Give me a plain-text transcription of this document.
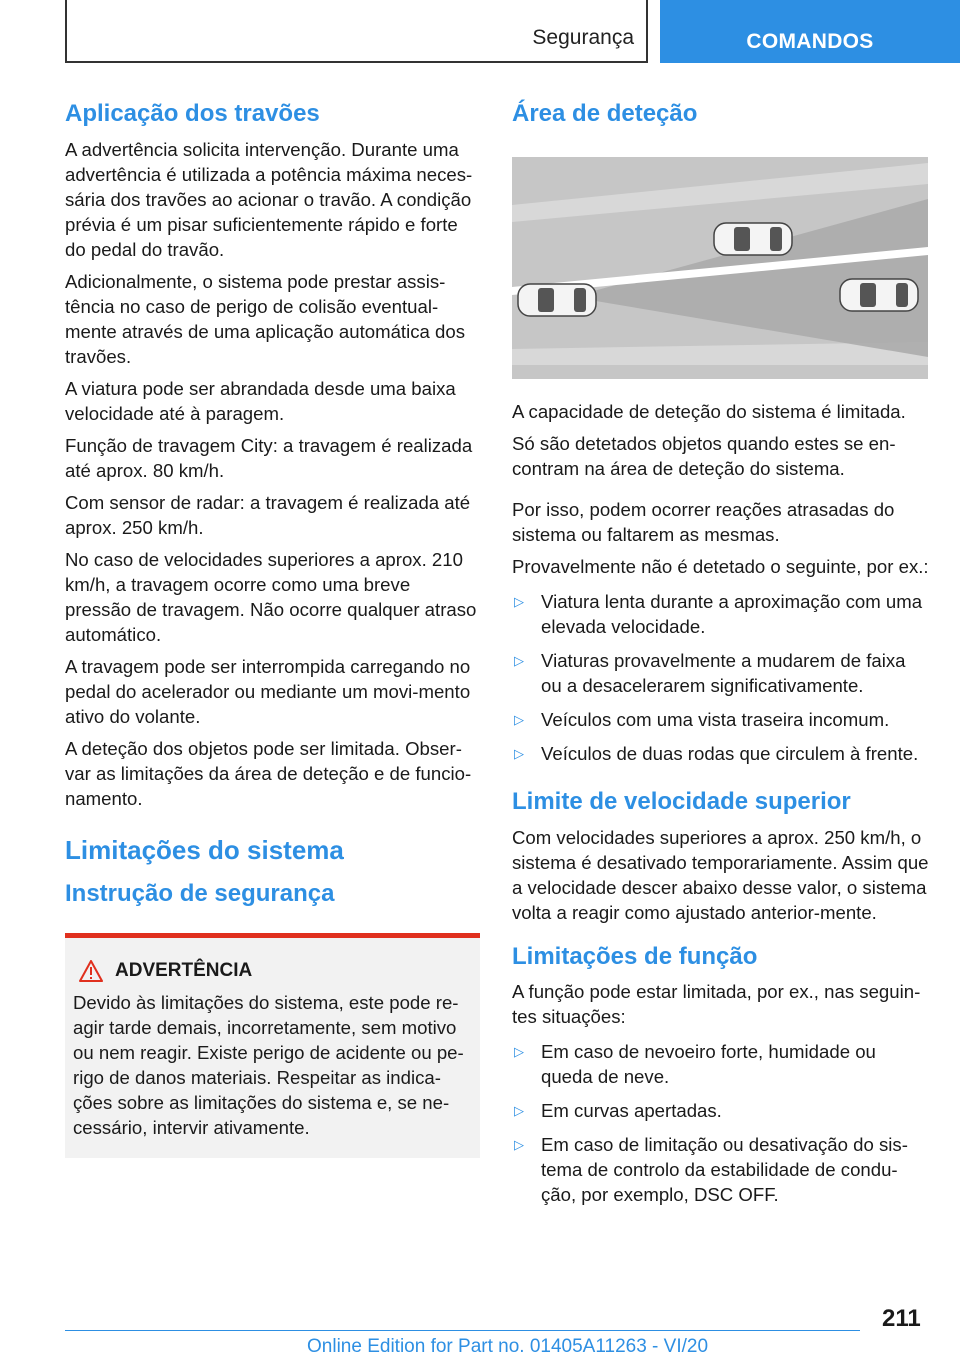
Segurança	COMANDOS
Aplicação dos travões

A advertência solicita intervenção. Durante uma advertência é utilizada a potência máxima neces-sária dos travões ao acionar o travão. A condição prévia é um pisar suficientemente rápido e forte do pedal do travão.

Adicionalmente, o sistema pode prestar assis-tência no caso de perigo de colisão eventual-mente através de uma aplicação automática dos travões.

A viatura pode ser abrandada desde uma baixa velocidade até à paragem.

Função de travagem City: a travagem é realizada até aprox. 80 km/h.

Com sensor de radar: a travagem é realizada até aprox. 250 km/h.

No caso de velocidades superiores a aprox. 210 km/h, a travagem ocorre como uma breve pressão de travagem. Não ocorre qualquer atraso automático.

A travagem pode ser interrompida carregando no pedal do acelerador ou mediante um movi-mento ativo do volante.

A deteção dos objetos pode ser limitada. Obser-var as limitações da área de deteção e de funcio-namento.

Limitações do sistema
Instrução de segurança
ADVERTÊNCIA

Devido às limitações do sistema, este pode re-agir tarde demais, incorretamente, sem motivo ou nem reagir. Existe perigo de acidente ou pe-rigo de danos materiais. Respeitar as indica-ções sobre as limitações do sistema e, se ne-cessário, intervir ativamente.

Área de deteção

A capacidade de deteção do sistema é limitada.

Só são detetados objetos quando estes se en-contram na área de deteção do sistema.

Por isso, podem ocorrer reações atrasadas do sistema ou faltarem as mesmas.

Provavelmente não é detetado o seguinte, por ex.:

▷ Viatura lenta durante a aproximação com uma elevada velocidade.
▷ Viaturas provavelmente a mudarem de faixa ou a desacelerarem significativamente.
▷ Veículos com uma vista traseira incomum.
▷ Veículos de duas rodas que circulem à frente.
Limite de velocidade superior

Com velocidades superiores a aprox. 250 km/h, o sistema é desativado temporariamente. Assim que a velocidade descer abaixo desse valor, o sistema volta a reagir como ajustado anterior-mente.

Limitações de função

A função pode estar limitada, por ex., nas seguin-tes situações:

▷ Em caso de nevoeiro forte, humidade ou queda de neve.
▷ Em curvas apertadas.
▷ Em caso de limitação ou desativação do sis-tema de controlo da estabilidade de condu-ção, por exemplo, DSC OFF.
211
Online Edition for Part no. 01405A11263 - VI/20
